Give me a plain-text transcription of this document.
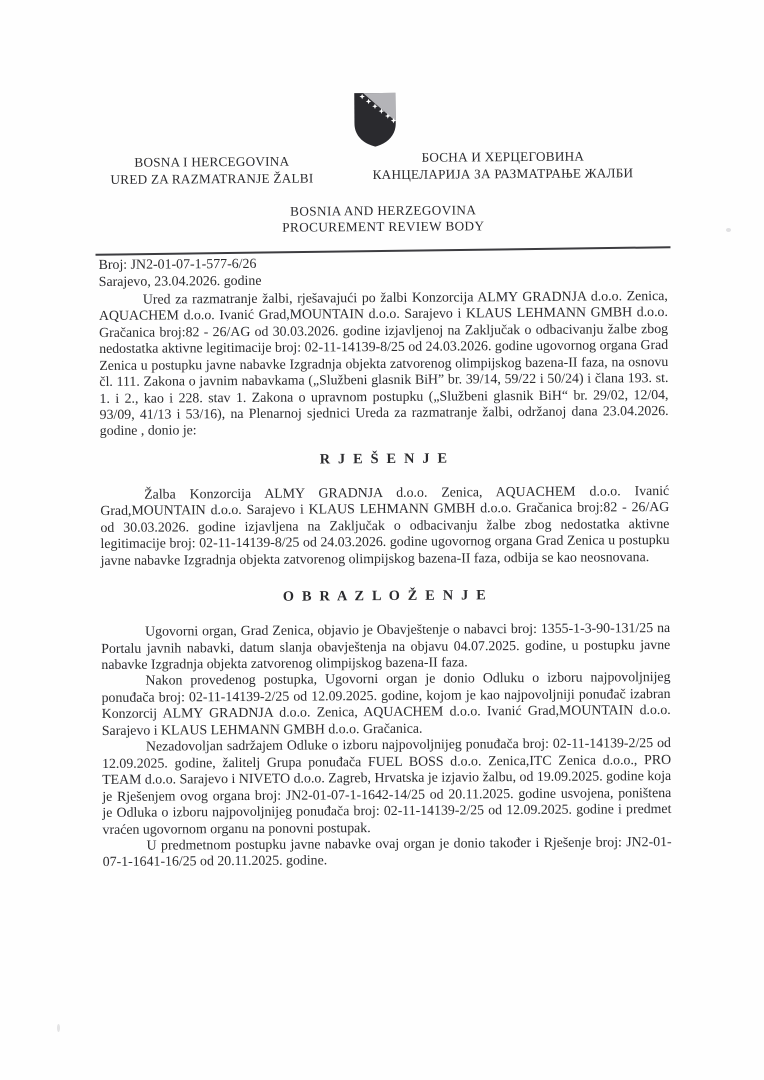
BOSNA I HERCEGOVINA
URED ZA RAZMATRANJE ŽALBI
БОСНА И ХЕРЦЕГОВИНА
КАНЦЕЛАРИЈА ЗА РАЗМАТРАЊЕ ЖАЛБИ
BOSNIA AND HERZEGOVINA
PROCUREMENT REVIEW BODY
Broj: JN2-01-07-1-577-6/26
Sarajevo, 23.04.2026. godine

Ured za razmatranje žalbi, rješavajući po žalbi Konzorcija ALMY GRADNJA d.o.o. Zenica, AQUACHEM d.o.o. Ivanić Grad,MOUNTAIN d.o.o. Sarajevo i KLAUS LEHMANN GMBH d.o.o. Gračanica broj:82 - 26/AG od 30.03.2026. godine izjavljenoj na Zaključak o odbacivanju žalbe zbog nedostatka aktivne legitimacije broj: 02-11-14139-8/25 od 24.03.2026. godine ugovornog organa Grad Zenica u postupku javne nabavke Izgradnja objekta zatvorenog olimpijskog bazena-II faza, na osnovu čl. 111. Zakona o javnim nabavkama („Službeni glasnik BiH” br. 39/14, 59/22 i 50/24) i člana 193. st. 1. i 2., kao i 228. stav 1. Zakona o upravnom postupku („Službeni glasnik BiH“ br. 29/02, 12/04, 93/09, 41/13 i 53/16), na Plenarnoj sjednici Ureda za razmatranje žalbi, održanoj dana 23.04.2026. godine , donio je:

R J E Š E N J E

Žalba Konzorcija ALMY GRADNJA d.o.o. Zenica, AQUACHEM d.o.o. Ivanić Grad,MOUNTAIN d.o.o. Sarajevo i KLAUS LEHMANN GMBH d.o.o. Gračanica broj:82 - 26/AG od 30.03.2026. godine izjavljena na Zaključak o odbacivanju žalbe zbog nedostatka aktivne legitimacije broj: 02-11-14139-8/25 od 24.03.2026. godine ugovornog organa Grad Zenica u postupku javne nabavke Izgradnja objekta zatvorenog olimpijskog bazena-II faza, odbija se kao neosnovana.

O B R A Z L O Ž E N J E

Ugovorni organ, Grad Zenica, objavio je Obavještenje o nabavci broj: 1355-1-3-90-131/25 na Portalu javnih nabavki, datum slanja obavještenja na objavu 04.07.2025. godine, u postupku javne nabavke Izgradnja objekta zatvorenog olimpijskog bazena-II faza.

Nakon provedenog postupka, Ugovorni organ je donio Odluku o izboru najpovoljnijeg ponuđača broj: 02-11-14139-2/25 od 12.09.2025. godine, kojom je kao najpovoljniji ponuđač izabran Konzorcij ALMY GRADNJA d.o.o. Zenica, AQUACHEM d.o.o. Ivanić Grad,MOUNTAIN d.o.o. Sarajevo i KLAUS LEHMANN GMBH d.o.o. Gračanica.

Nezadovoljan sadržajem Odluke o izboru najpovoljnijeg ponuđača broj: 02-11-14139-2/25 od 12.09.2025. godine, žalitelj Grupa ponuđača FUEL BOSS d.o.o. Zenica,ITC Zenica d.o.o., PRO TEAM d.o.o. Sarajevo i NIVETO d.o.o. Zagreb, Hrvatska je izjavio žalbu, od 19.09.2025. godine koja je Rješenjem ovog organa broj: JN2-01-07-1-1642-14/25 od 20.11.2025. godine usvojena, poništena je Odluka o izboru najpovoljnijeg ponuđača broj: 02-11-14139-2/25 od 12.09.2025. godine i predmet vraćen ugovornom organu na ponovni postupak.

U predmetnom postupku javne nabavke ovaj organ je donio također i Rješenje broj: JN2-01-07-1-1641-16/25 od 20.11.2025. godine.
